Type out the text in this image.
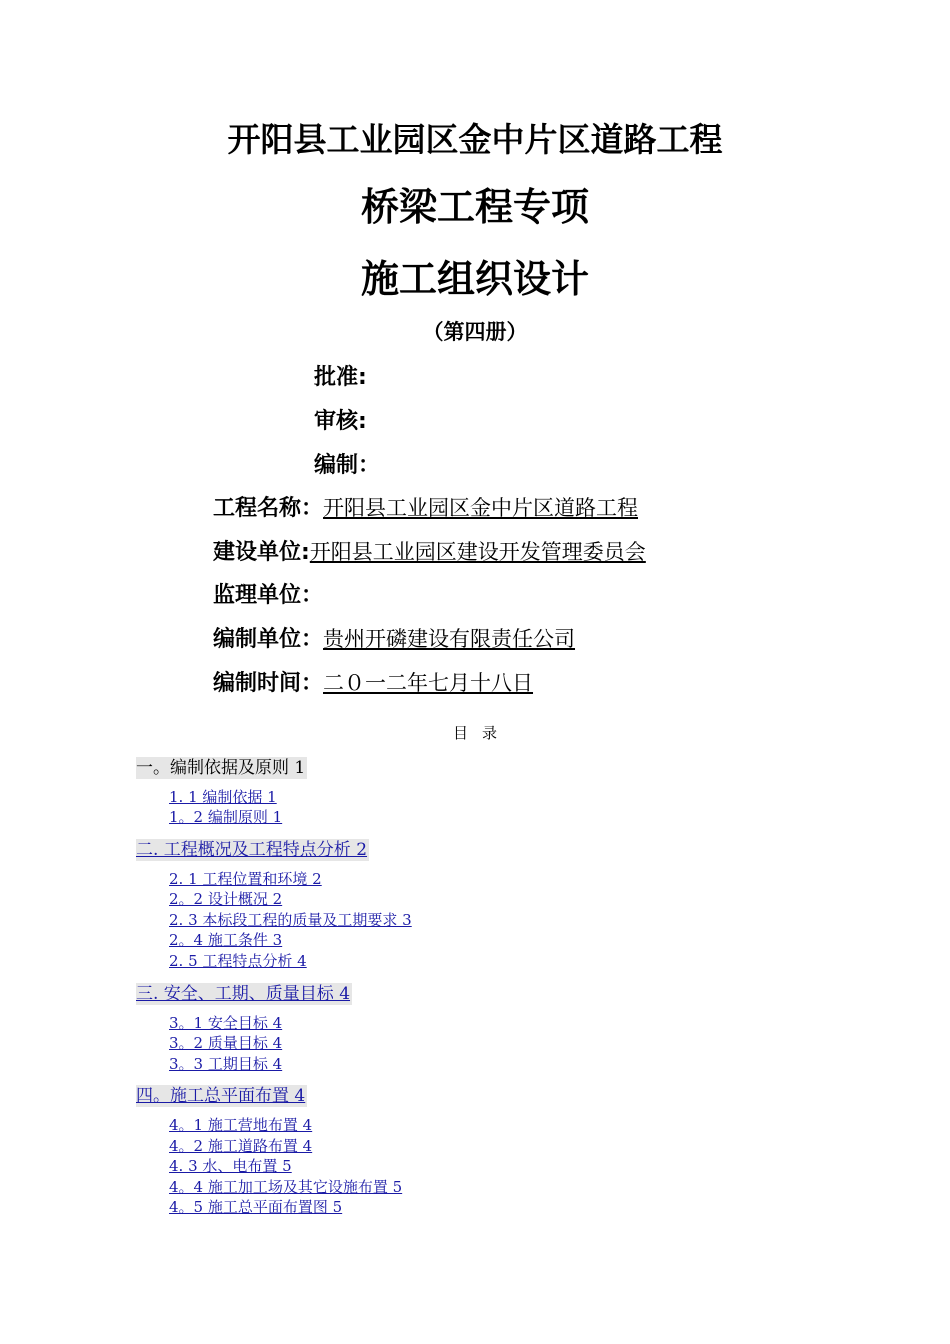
开阳县工业园区金中片区道路工程
桥梁工程专项
施工组织设计
（第四册）
批准:
审核:
编制：
工程名称：开阳县工业园区金中片区道路工程
建设单位:开阳县工业园区建设开发管理委员会
监理单位：
编制单位：贵州开磷建设有限责任公司
编制时间：二０一二年七月十八日
目录
一。编制依据及原则 1
1. 1 编制依据 1
1。2 编制原则 1
二. 工程概况及工程特点分析 2
2. 1 工程位置和环境 2
2。2 设计概况 2
2. 3 本标段工程的质量及工期要求 3
2。4 施工条件 3
2. 5 工程特点分析 4
三. 安全、工期、质量目标 4
3。1 安全目标 4
3。2 质量目标 4
3。3 工期目标 4
四。施工总平面布置 4
4。1 施工营地布置 4
4。2 施工道路布置 4
4. 3 水、电布置 5
4。4 施工加工场及其它设施布置 5
4。5 施工总平面布置图 5
